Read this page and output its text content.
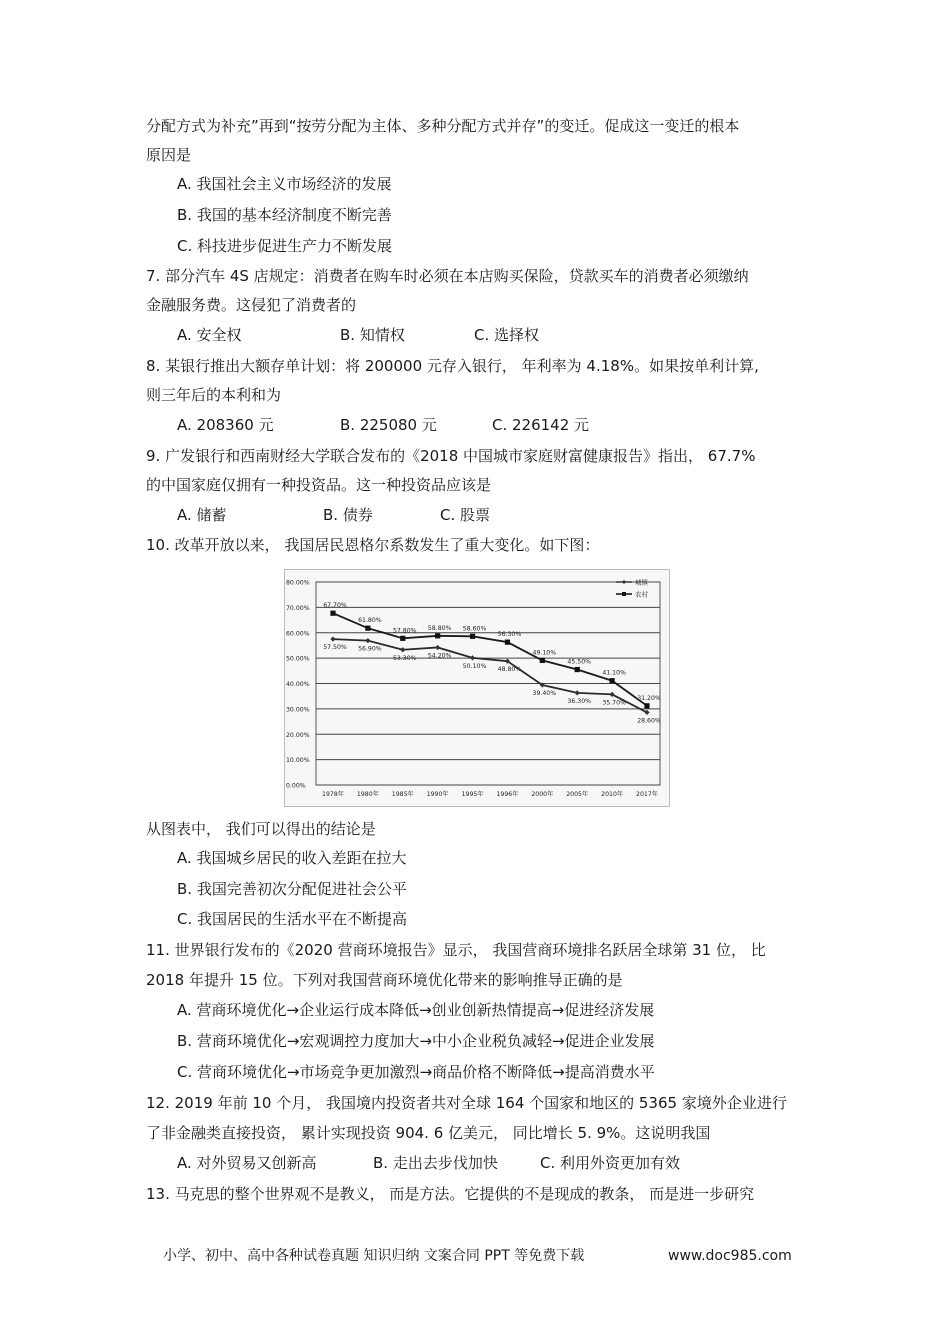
分配方式为补充”再到“按劳分配为主体、多种分配方式并存”的变迁。促成这一变迁的根本
原因是
A. 我国社会主义市场经济的发展
B. 我国的基本经济制度不断完善
C. 科技进步促进生产力不断发展
7. 部分汽车 4S 店规定：消费者在购车时必须在本店购买保险，贷款买车的消费者必须缴纳
金融服务费。这侵犯了消费者的
A. 安全权	B. 知情权	C. 选择权
8. 某银行推出大额存单计划：将 200000 元存入银行， 年利率为 4.18%。如果按单利计算,
则三年后的本利和为
A. 208360 元	B. 225080 元	C. 226142 元
9. 广发银行和西南财经大学联合发布的《2018 中国城市家庭财富健康报告》指出， 67.7%
的中国家庭仅拥有一种投资品。这一种投资品应该是
A. 储蓄	B. 债券	C. 股票
10. 改革开放以来， 我国居民恩格尔系数发生了重大变化。如下图：
0.00%
10.00%
20.00%
30.00%
40.00%
50.00%
60.00%
70.00%
80.00%
1978年 1980年 1985年 1990年 1995年 1996年 2000年 2005年 2010年 2017年
67.70%
61.80%
57.80% 58.80% 58.60%
56.30%
49.10%
45.50%
41.10%
31.20%
57.50% 56.90%
53.30% 54.20%
50.10% 48.80%
39.40%
36.30% 35.70%
28.60%
城镇
农村
从图表中， 我们可以得出的结论是
A. 我国城乡居民的收入差距在拉大
B. 我国完善初次分配促进社会公平
C. 我国居民的生活水平在不断提高
11. 世界银行发布的《2020 营商环境报告》显示， 我国营商环境排名跃居全球第 31 位， 比
2018 年提升 15 位。下列对我国营商环境优化带来的影响推导正确的是
A. 营商环境优化→企业运行成本降低→创业创新热情提高→促进经济发展
B. 营商环境优化→宏观调控力度加大→中小企业税负减轻→促进企业发展
C. 营商环境优化→市场竞争更加激烈→商品价格不断降低→提高消费水平
12. 2019 年前 10 个月， 我国境内投资者共对全球 164 个国家和地区的 5365 家境外企业进行
了非金融类直接投资， 累计实现投资 904. 6 亿美元， 同比增长 5. 9%。这说明我国
A. 对外贸易又创新高	B. 走出去步伐加快	C. 利用外资更加有效
13. 马克思的整个世界观不是教义， 而是方法。它提供的不是现成的教条， 而是进一步研究
小学、初中、高中各种试卷真题 知识归纳 文案合同 PPT 等免费下载	www.doc985.com
